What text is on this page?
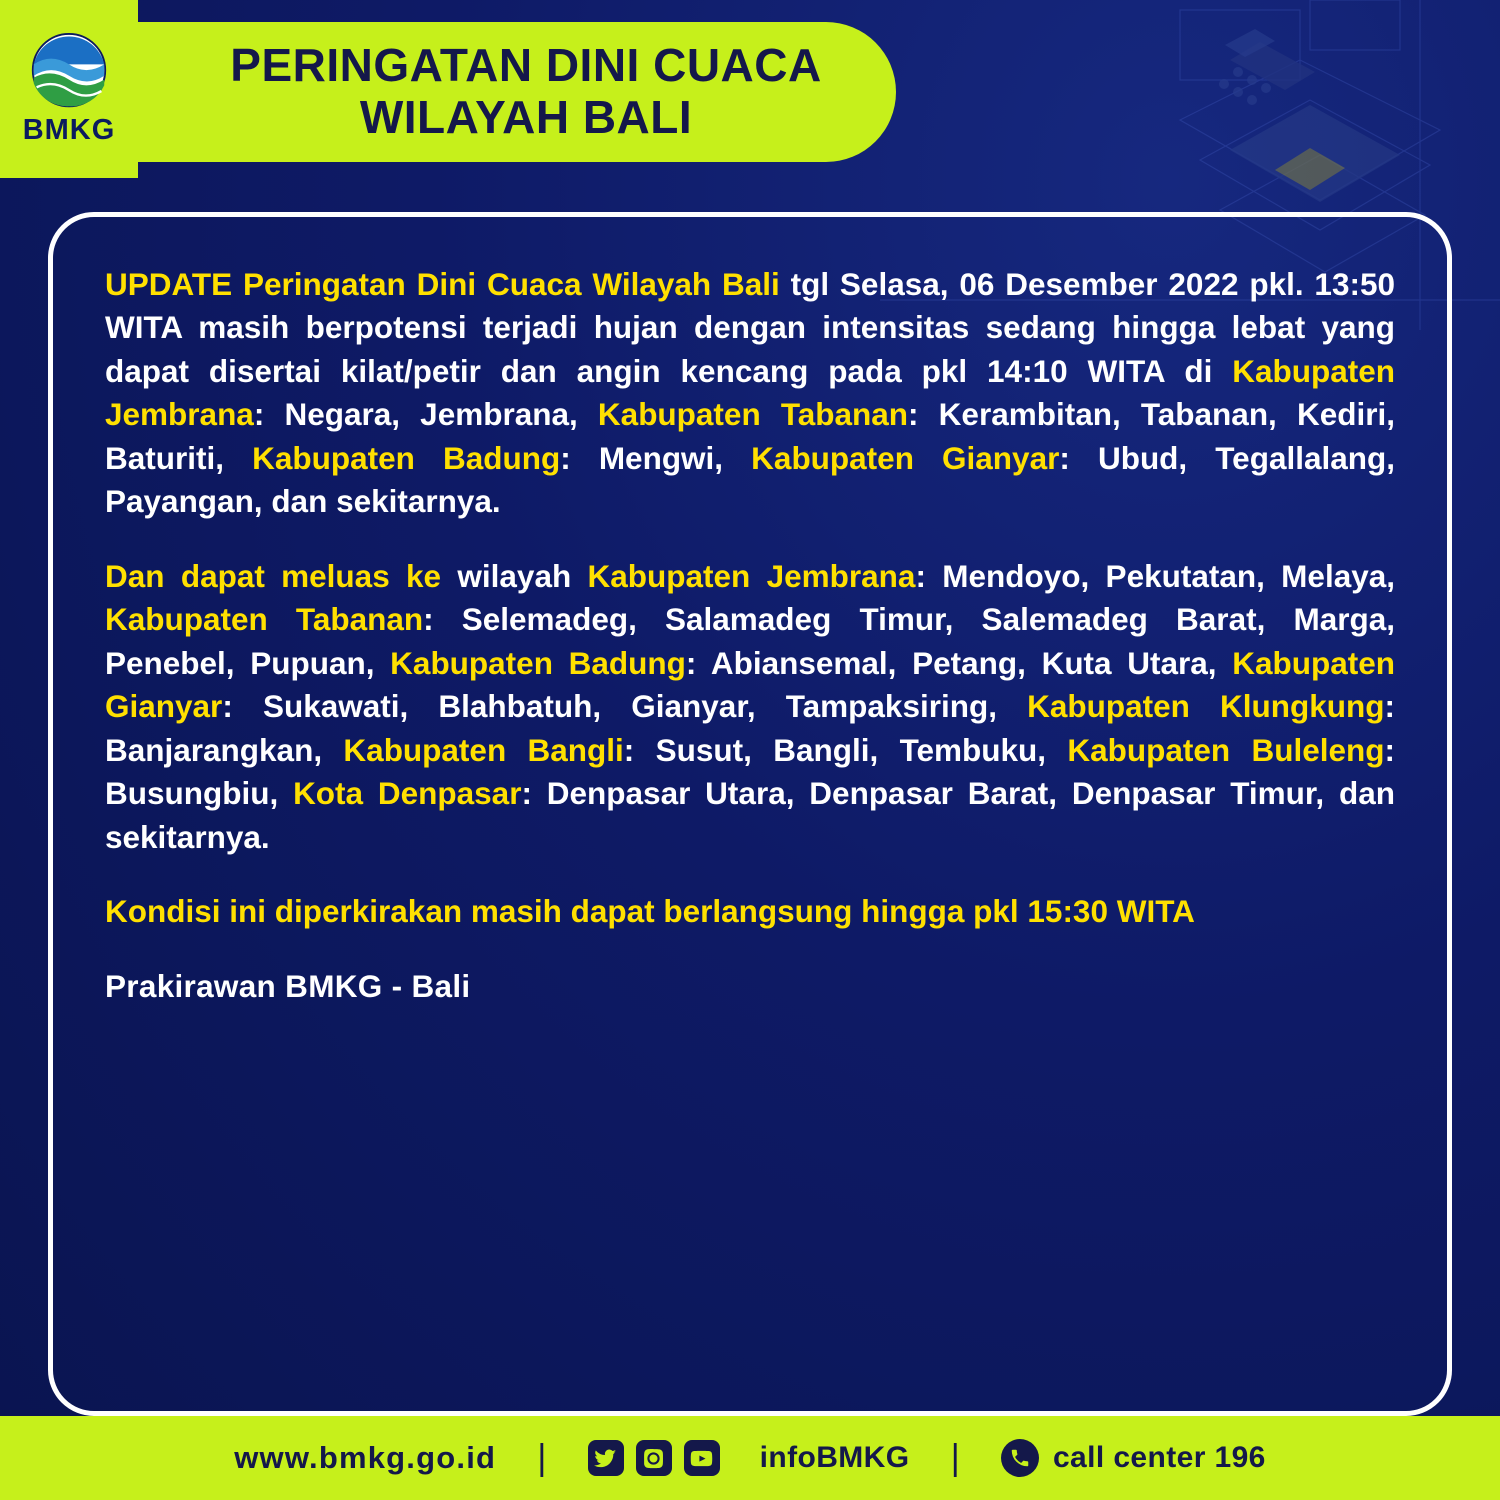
PERINGATAN DINI CUACA
WILAYAH BALI
BMKG

UPDATE Peringatan Dini Cuaca Wilayah Bali tgl Selasa, 06 Desember 2022 pkl. 13:50 WITA masih berpotensi terjadi hujan dengan intensitas sedang hingga lebat yang dapat disertai kilat/petir dan angin kencang pada pkl 14:10 WITA di Kabupaten Jembrana: Negara, Jembrana, Kabupaten Tabanan: Kerambitan, Tabanan, Kediri, Baturiti, Kabupaten Badung: Mengwi, Kabupaten Gianyar: Ubud, Tegallalang, Payangan, dan sekitarnya.

Dan dapat meluas ke wilayah Kabupaten Jembrana: Mendoyo, Pekutatan, Melaya, Kabupaten Tabanan: Selemadeg, Salamadeg Timur, Salemadeg Barat, Marga, Penebel, Pupuan, Kabupaten Badung: Abiansemal, Petang, Kuta Utara, Kabupaten Gianyar: Sukawati, Blahbatuh, Gianyar, Tampaksiring, Kabupaten Klungkung: Banjarangkan, Kabupaten Bangli: Susut, Bangli, Tembuku, Kabupaten Buleleng: Busungbiu, Kota Denpasar: Denpasar Utara, Denpasar Barat, Denpasar Timur, dan sekitarnya.

Kondisi ini diperkirakan masih dapat berlangsung hingga pkl 15:30 WITA

Prakirawan BMKG - Bali

www.bmkg.go.id |	infoBMKG |	call center 196
